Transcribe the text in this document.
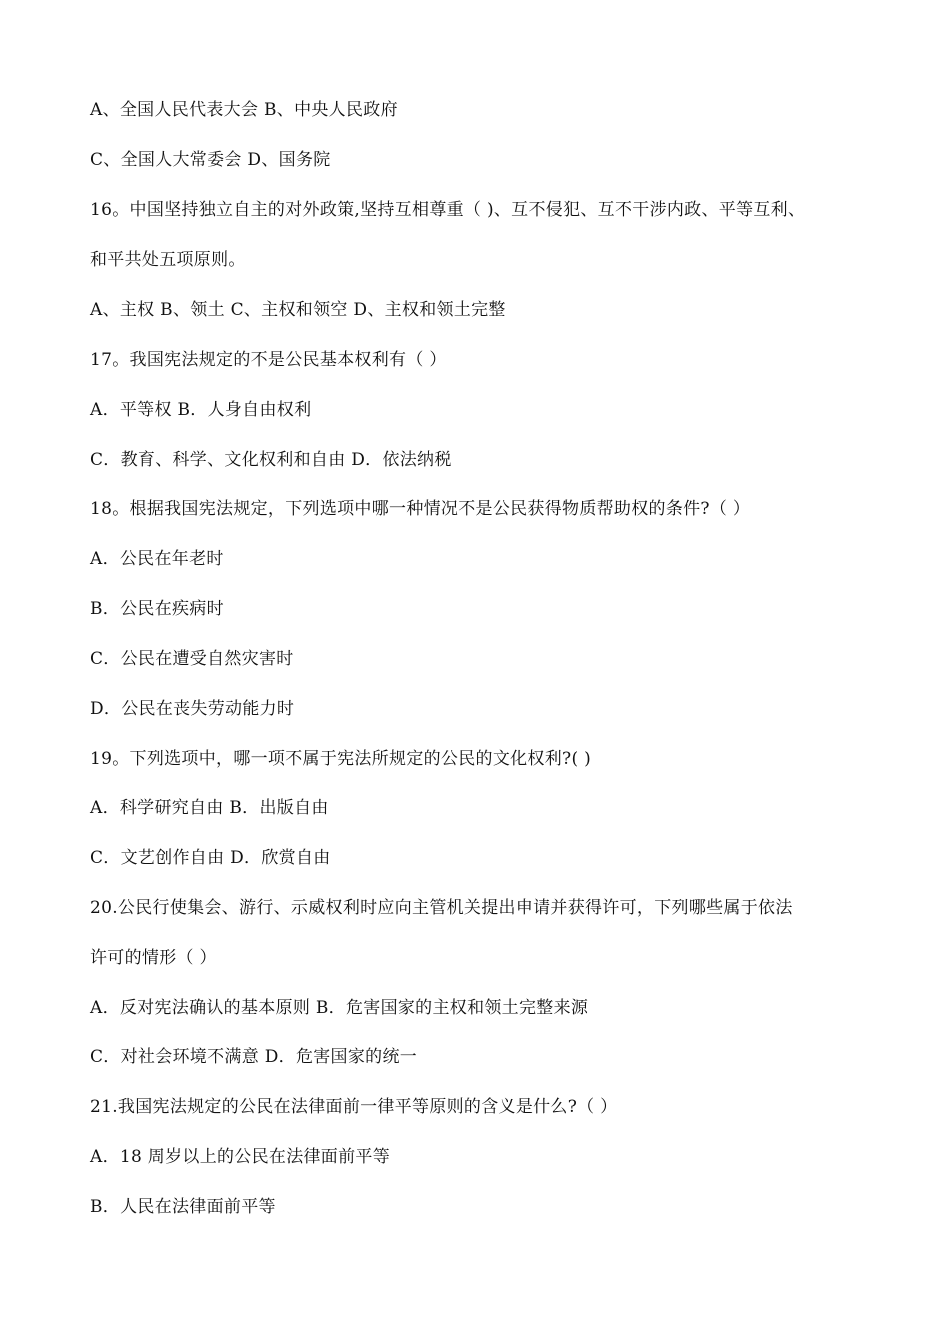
A、全国人民代表大会 B、中央人民政府
C、全国人大常委会 D、国务院
16。中国坚持独立自主的对外政策,坚持互相尊重（ )、互不侵犯、互不干涉内政、平等互利、
和平共处五项原则。
A、主权 B、领土 C、主权和领空 D、主权和领土完整
17。我国宪法规定的不是公民基本权利有（ ）
A．平等权 B．人身自由权利
C．教育、科学、文化权利和自由 D．依法纳税
18。根据我国宪法规定，下列选项中哪一种情况不是公民获得物质帮助权的条件?（ ）
A．公民在年老时
B．公民在疾病时
C．公民在遭受自然灾害时
D．公民在丧失劳动能力时
19。下列选项中，哪一项不属于宪法所规定的公民的文化权利?( )
A．科学研究自由 B．出版自由
C．文艺创作自由 D．欣赏自由
20.公民行使集会、游行、示威权利时应向主管机关提出申请并获得许可，下列哪些属于依法
许可的情形（ ）
A．反对宪法确认的基本原则 B．危害国家的主权和领土完整来源
C．对社会环境不满意 D．危害国家的统一
21.我国宪法规定的公民在法律面前一律平等原则的含义是什么?（ ）
A．18 周岁以上的公民在法律面前平等
B．人民在法律面前平等
